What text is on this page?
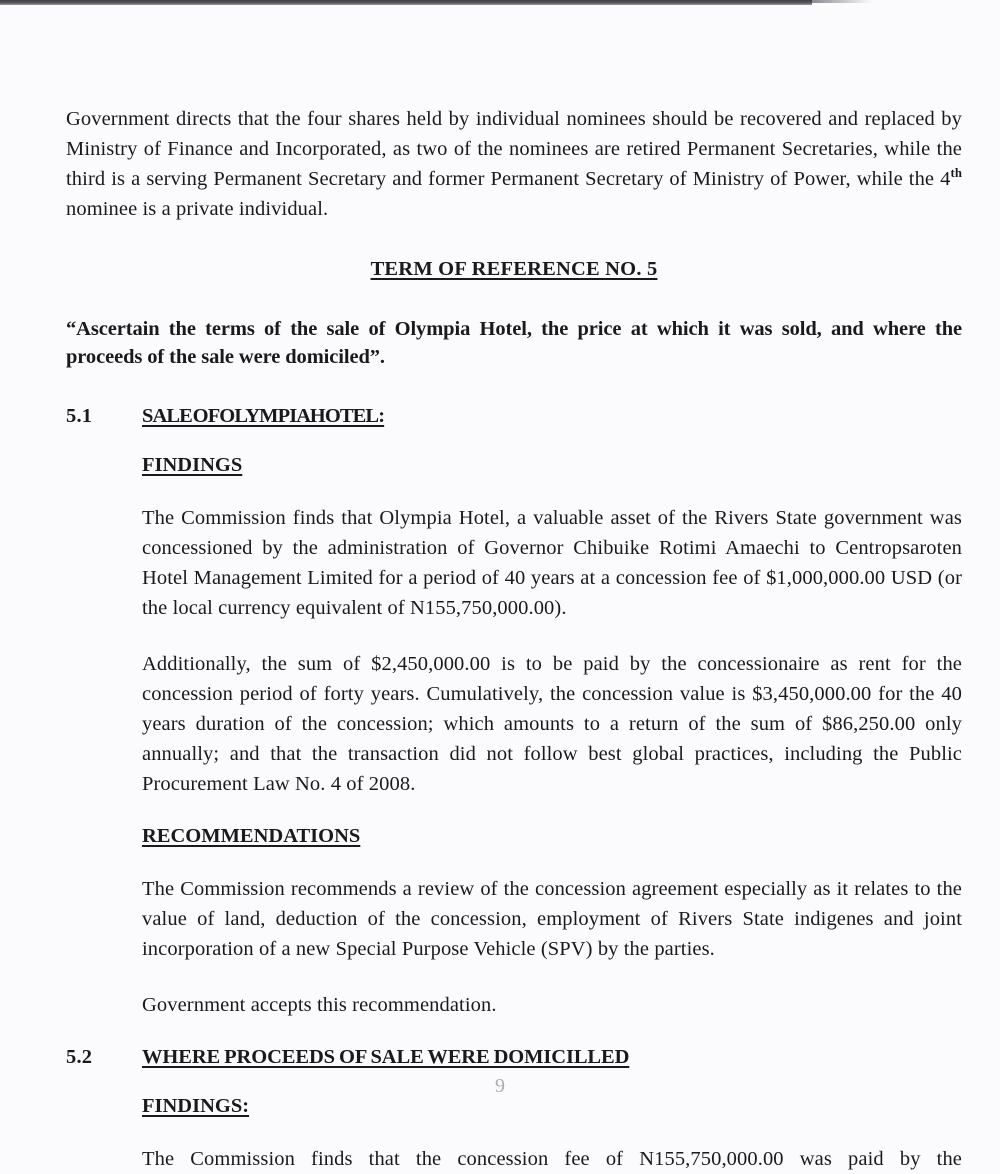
Government directs that the four shares held by individual nominees should be recovered and replaced by Ministry of Finance and Incorporated, as two of the nominees are retired Permanent Secretaries, while the third is a serving Permanent Secretary and former Permanent Secretary of Ministry of Power, while the 4th nominee is a private individual.

TERM OF REFERENCE NO. 5

“Ascertain the terms of the sale of Olympia Hotel, the price at which it was sold, and where the proceeds of the sale were domiciled”.

5.1	SALE OF OLYMPIA HOTEL:
FINDINGS

The Commission finds that Olympia Hotel, a valuable asset of the Rivers State government was concessioned by the administration of Governor Chibuike Rotimi Amaechi to Centropsaroten Hotel Management Limited for a period of 40 years at a concession fee of $1,000,000.00 USD (or the local currency equivalent of N155,750,000.00).

Additionally, the sum of $2,450,000.00 is to be paid by the concessionaire as rent for the concession period of forty years. Cumulatively, the concession value is $3,450,000.00 for the 40 years duration of the concession; which amounts to a return of the sum of $86,250.00 only annually; and that the transaction did not follow best global practices, including the Public Procurement Law No. 4 of 2008.

RECOMMENDATIONS

The Commission recommends a review of the concession agreement especially as it relates to the value of land, deduction of the concession, employment of Rivers State indigenes and joint incorporation of a new Special Purpose Vehicle (SPV) by the parties.

Government accepts this recommendation.

5.2	WHERE PROCEEDS OF SALE WERE DOMICILLED
FINDINGS:

The Commission finds that the concession fee of N155,750,000.00 was paid by the

9
